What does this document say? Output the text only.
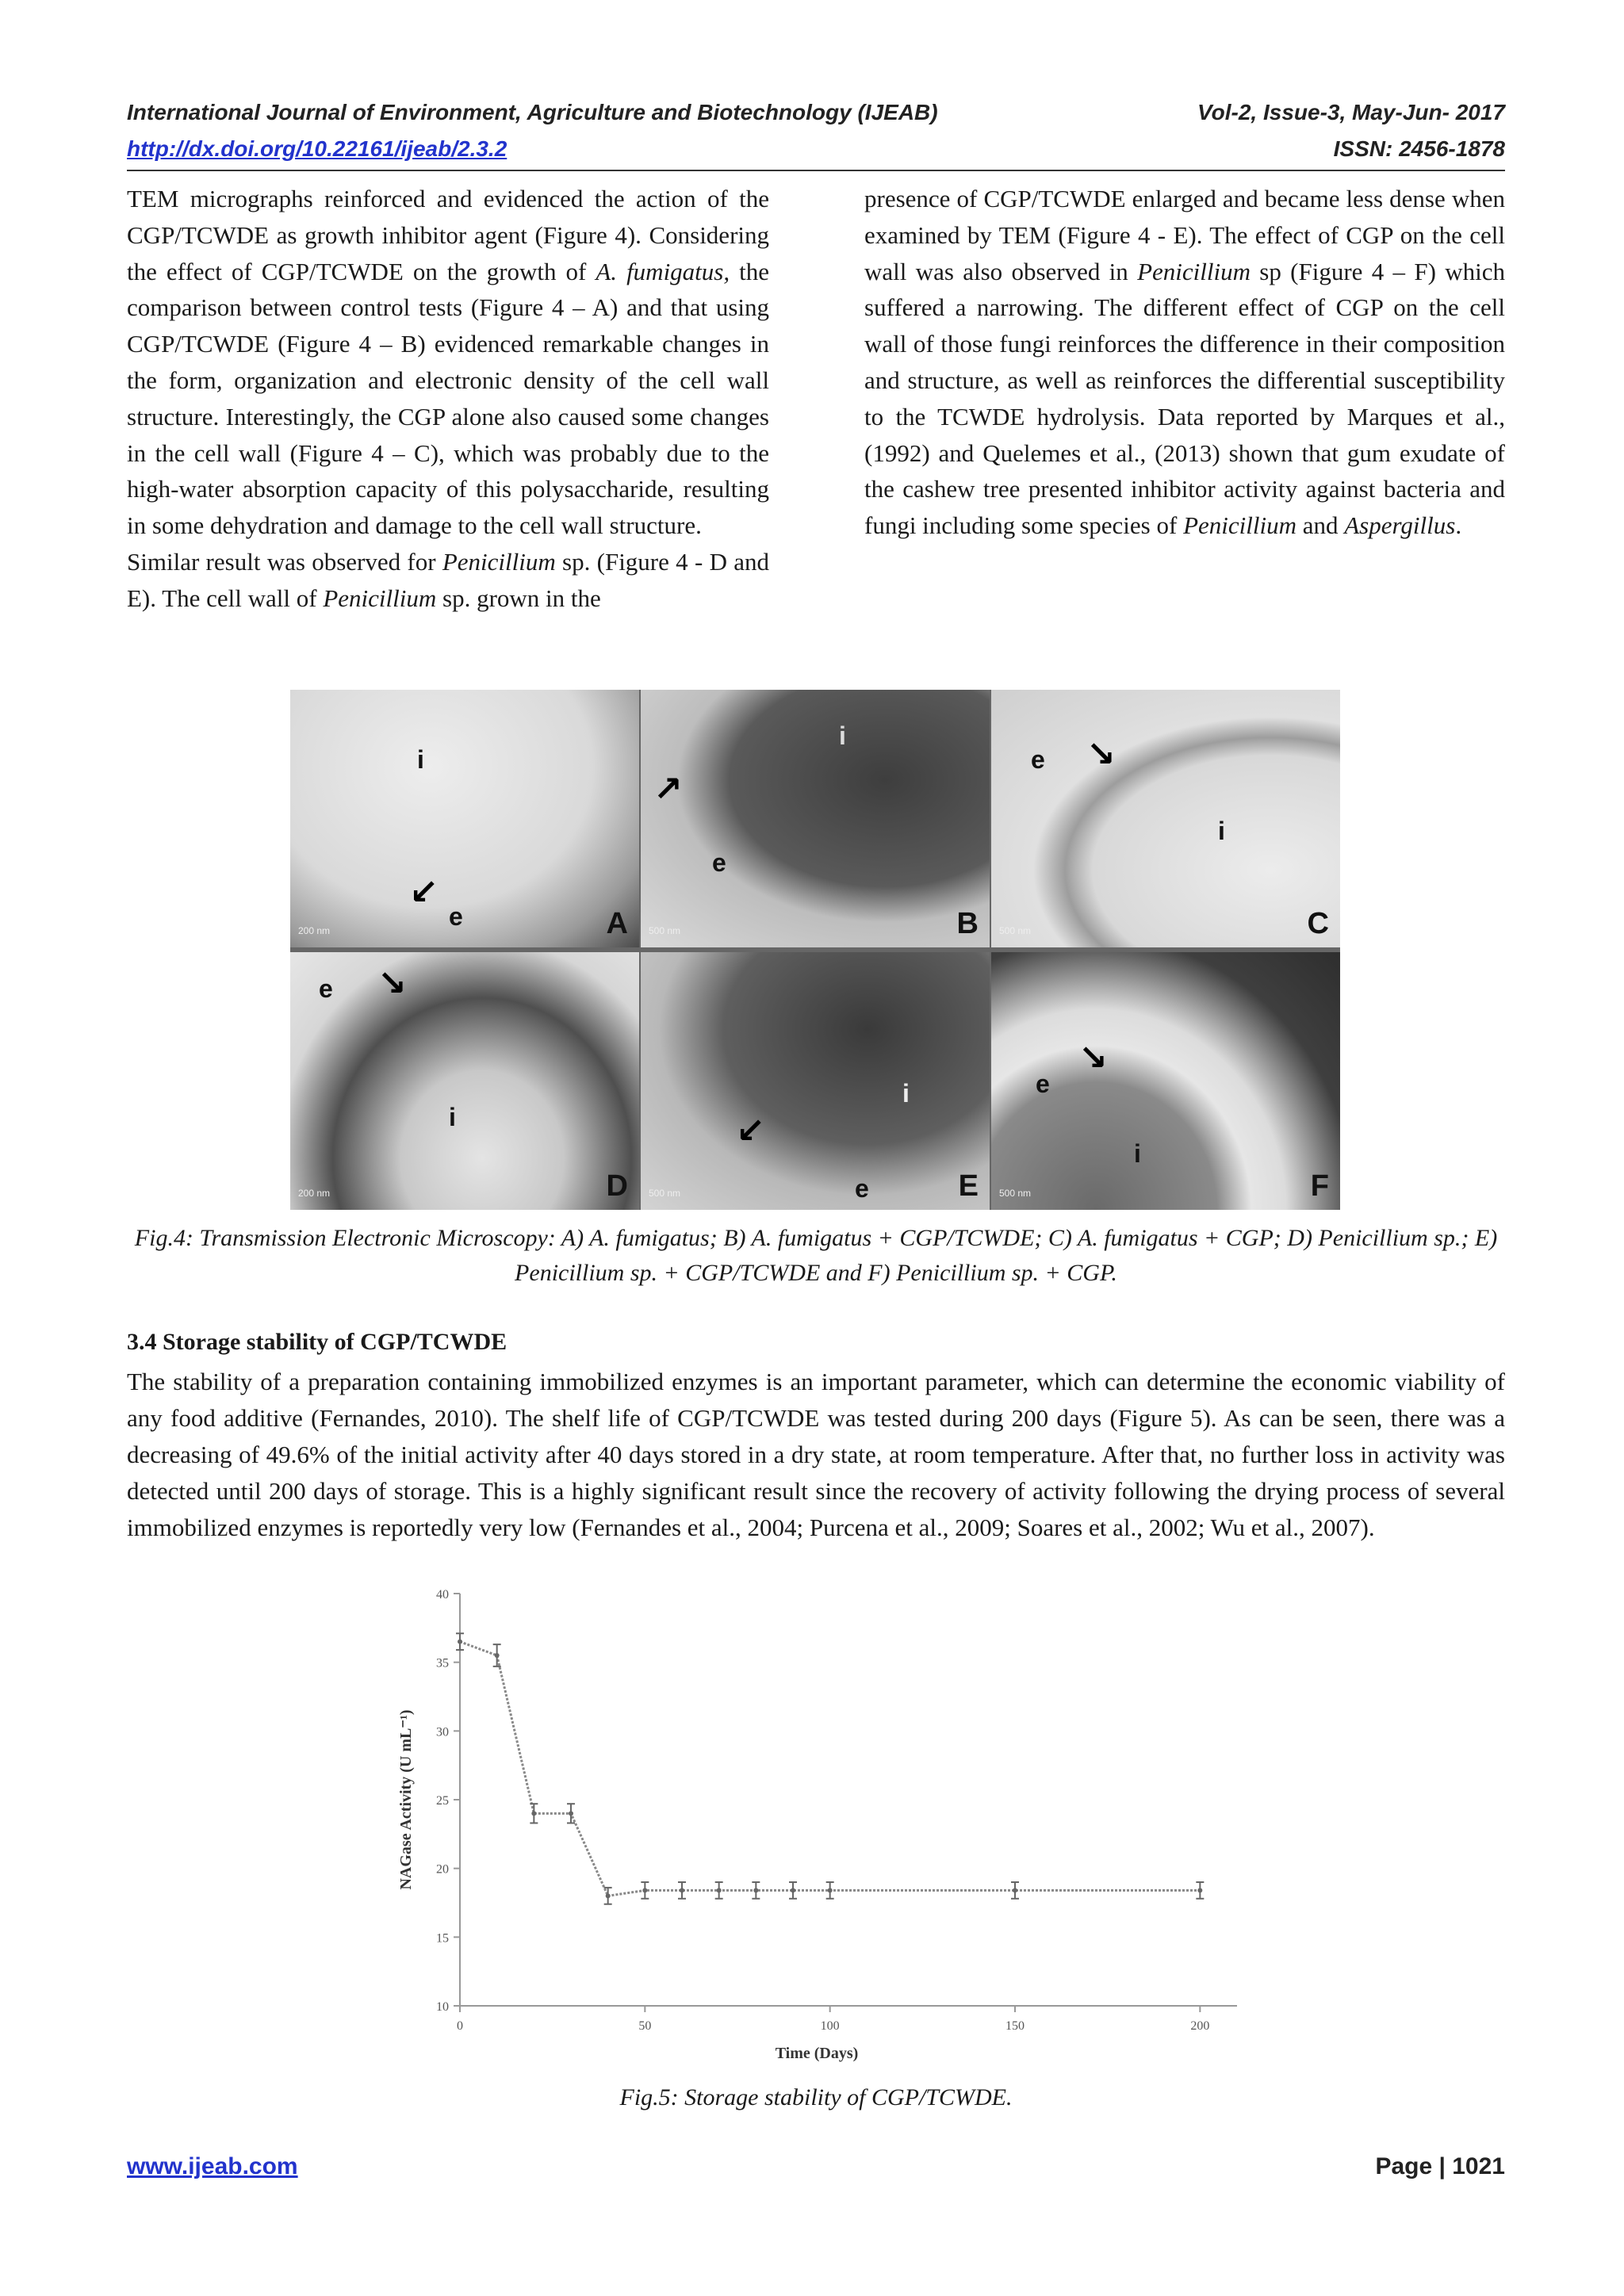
International Journal of Environment, Agriculture and Biotechnology (IJEAB)	Vol-2, Issue-3, May-Jun- 2017
http://dx.doi.org/10.22161/ijeab/2.3.2	ISSN: 2456-1878

TEM micrographs reinforced and evidenced the action of the CGP/TCWDE as growth inhibitor agent (Figure 4). Considering the effect of CGP/TCWDE on the growth of A. fumigatus, the comparison between control tests (Figure 4 – A) and that using CGP/TCWDE (Figure 4 – B) evidenced remarkable changes in the form, organization and electronic density of the cell wall structure. Interestingly, the CGP alone also caused some changes in the cell wall (Figure 4 – C), which was probably due to the high-water absorption capacity of this polysaccharide, resulting in some dehydration and damage to the cell wall structure.

Similar result was observed for Penicillium sp. (Figure 4 - D and E). The cell wall of Penicillium sp. grown in the

presence of CGP/TCWDE enlarged and became less dense when examined by TEM (Figure 4 - E). The effect of CGP on the cell wall was also observed in Penicillium sp (Figure 4 – F) which suffered a narrowing. The different effect of CGP on the cell wall of those fungi reinforces the difference in their composition and structure, as well as reinforces the differential susceptibility to the TCWDE hydrolysis. Data reported by Marques et al., (1992) and Quelemes et al., (2013) shown that gum exudate of the cashew tree presented inhibitor activity against bacteria and fungi including some species of Penicillium and Aspergillus.

i
e
↙
200 nm	A
i
e
↗
500 nm	B
e
i
↘
500 nm	C
e
i
↘
200 nm	D
i
e
↙
500 nm	E
e
i
↘
500 nm	F
Fig.4: Transmission Electronic Microscopy: A) A. fumigatus; B) A. fumigatus + CGP/TCWDE; C) A. fumigatus + CGP; D) Penicillium sp.; E) Penicillium sp. + CGP/TCWDE and F) Penicillium sp. + CGP.
3.4 Storage stability of CGP/TCWDE

The stability of a preparation containing immobilized enzymes is an important parameter, which can determine the economic viability of any food additive (Fernandes, 2010). The shelf life of CGP/TCWDE was tested during 200 days (Figure 5). As can be seen, there was a decreasing of 49.6% of the initial activity after 40 days stored in a dry state, at room temperature. After that, no further loss in activity was detected until 200 days of storage. This is a highly significant result since the recovery of activity following the drying process of several immobilized enzymes is reportedly very low (Fernandes et al., 2004; Purcena et al., 2009; Soares et al., 2002; Wu et al., 2007).

10
15
20
25
30
35
40
0	50	100	150	200
Time (Days)
NAGase Activity (U mL⁻¹)
Fig.5: Storage stability of CGP/TCWDE.
www.ijeab.com	Page | 1021
